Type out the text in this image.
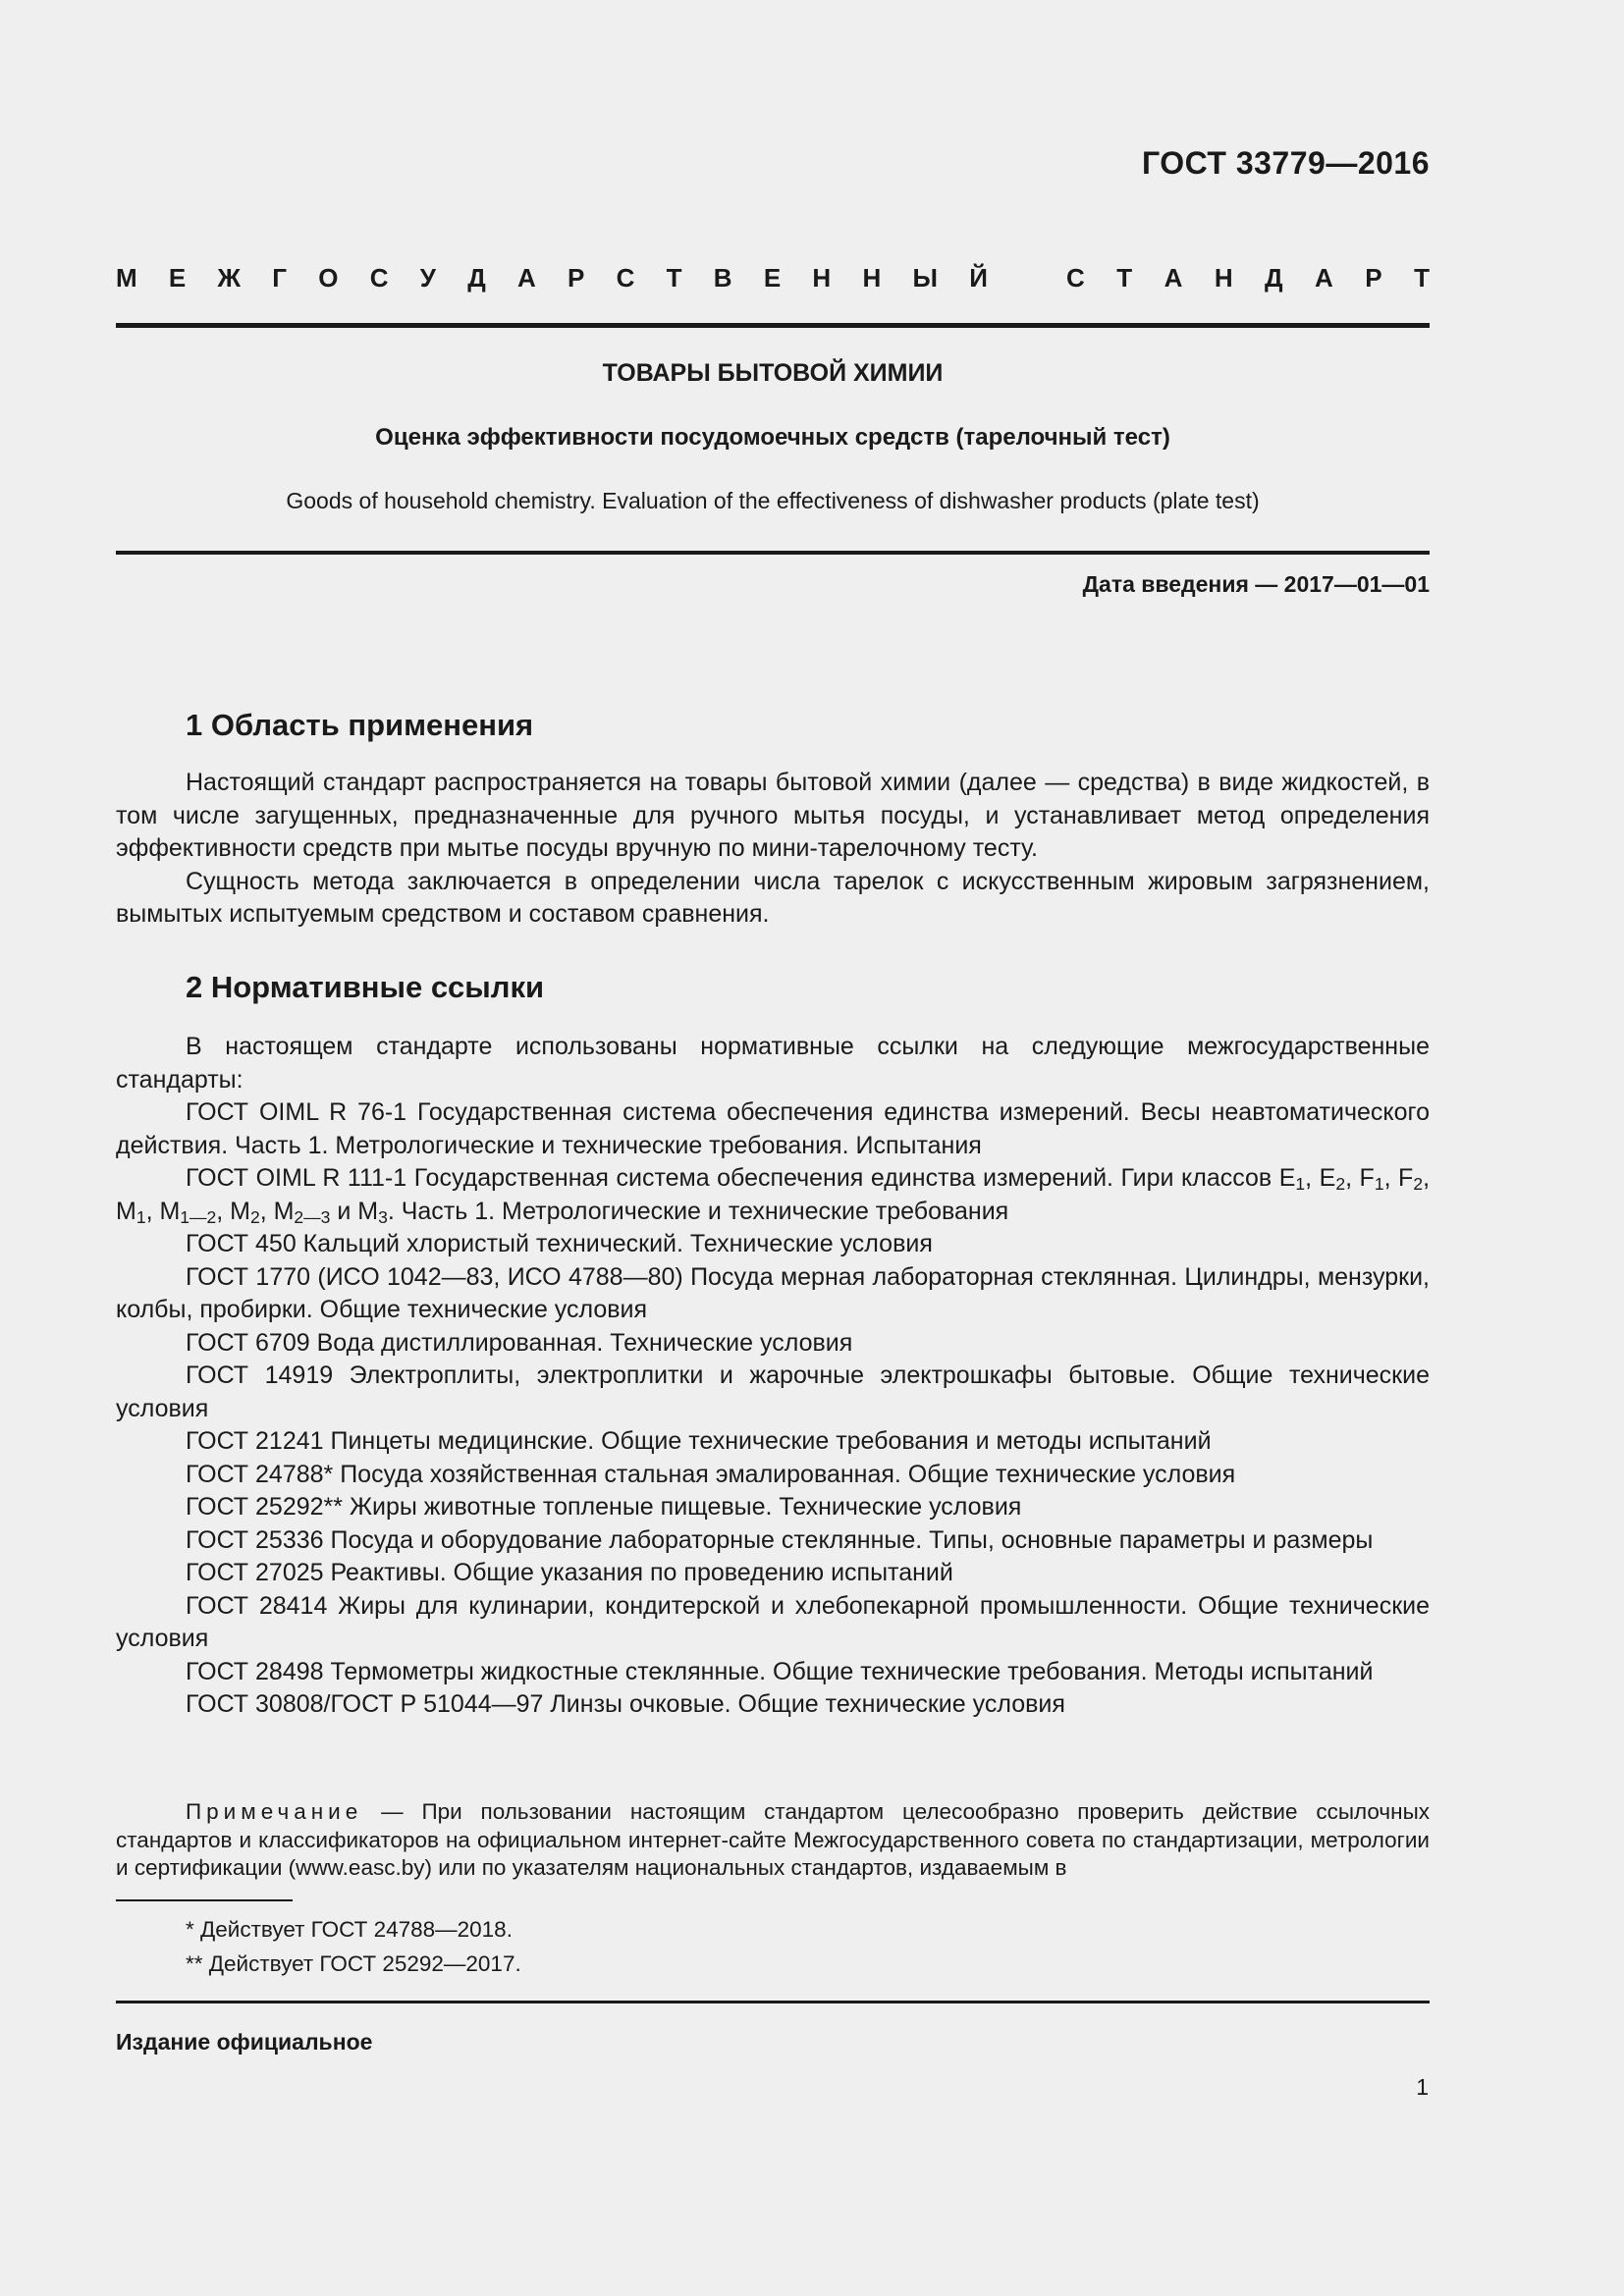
ГОСТ 33779—2016
М Е Ж Г О С У Д А Р С Т В Е Н Н Ы Й	С Т А Н Д А Р Т
ТОВАРЫ БЫТОВОЙ ХИМИИ
Оценка эффективности посудомоечных средств (тарелочный тест)
Goods of household chemistry. Evaluation of the effectiveness of dishwasher products (plate test)
Дата введения — 2017—01—01
1 Область применения

Настоящий стандарт распространяется на товары бытовой химии (далее — средства) в виде жидкостей, в том числе загущенных, предназначенные для ручного мытья посуды, и устанавливает метод определения эффективности средств при мытье посуды вручную по мини-тарелочному тесту.

Сущность метода заключается в определении числа тарелок с искусственным жировым загрязнением, вымытых испытуемым средством и составом сравнения.

2 Нормативные ссылки

В настоящем стандарте использованы нормативные ссылки на следующие межгосударственные стандарты:

ГОСТ OIML R 76-1 Государственная система обеспечения единства измерений. Весы неавтоматического действия. Часть 1. Метрологические и технические требования. Испытания

ГОСТ OIML R 111-1 Государственная система обеспечения единства измерений. Гири классов $E_1$, $E_2$, $F_1$, $F_2$, $M_1$, $M_{1—2}$, $M_2$, $M_{2—3}$ и $M_3$. Часть 1. Метрологические и технические требования

ГОСТ 450 Кальций хлористый технический. Технические условия

ГОСТ 1770 (ИСО 1042—83, ИСО 4788—80) Посуда мерная лабораторная стеклянная. Цилиндры, мензурки, колбы, пробирки. Общие технические условия

ГОСТ 6709 Вода дистиллированная. Технические условия

ГОСТ 14919 Электроплиты, электроплитки и жарочные электрошкафы бытовые. Общие технические условия

ГОСТ 21241 Пинцеты медицинские. Общие технические требования и методы испытаний

ГОСТ 24788* Посуда хозяйственная стальная эмалированная. Общие технические условия

ГОСТ 25292** Жиры животные топленые пищевые. Технические условия

ГОСТ 25336 Посуда и оборудование лабораторные стеклянные. Типы, основные параметры и размеры

ГОСТ 27025 Реактивы. Общие указания по проведению испытаний

ГОСТ 28414 Жиры для кулинарии, кондитерской и хлебопекарной промышленности. Общие технические условия

ГОСТ 28498 Термометры жидкостные стеклянные. Общие технические требования. Методы испытаний

ГОСТ 30808/ГОСТ Р 51044—97 Линзы очковые. Общие технические условия

Примечание — При пользовании настоящим стандартом целесообразно проверить действие ссылочных стандартов и классификаторов на официальном интернет-сайте Межгосударственного совета по стандартизации, метрологии и сертификации (www.easc.by) или по указателям национальных стандартов, издаваемым в
* Действует ГОСТ 24788—2018.
** Действует ГОСТ 25292—2017.
Издание официальное
1
